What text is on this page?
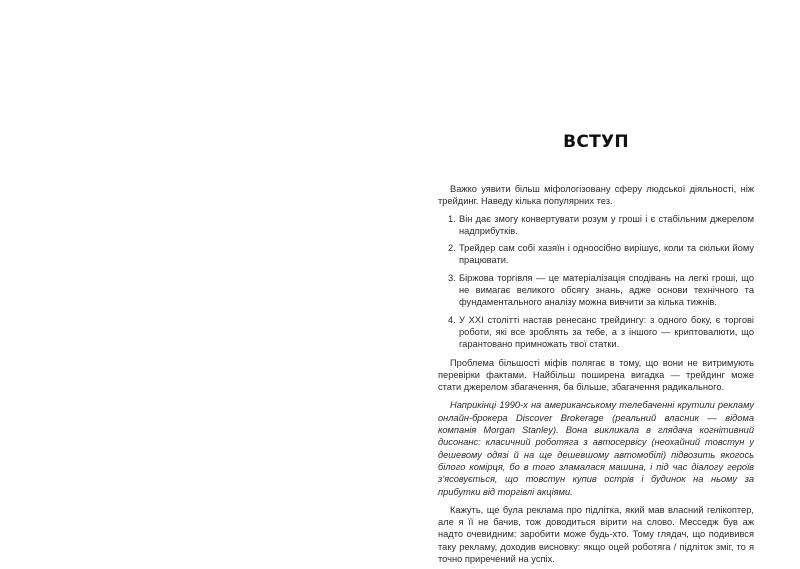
ВСТУП

Важко уявити більш міфологізовану сферу людської діяльності, ніж трейдинг. Наведу кілька популярних тез.

1. Він дає змогу конвертувати розум у гроші і є стабільним джерелом надприбутків.
2. Трейдер сам собі хазяїн і одноосібно вирішує, коли та скільки йому працювати.
3. Біржова торгівля — це матеріалізація сподівань на легкі гроші, що не вимагає великого обсягу знань, адже основи технічного та фундаментального аналізу можна вивчити за кілька тижнів.
4. У XXI столітті настав ренесанс трейдингу: з одного боку, є торгові роботи, які все зроблять за тебе, а з іншого — криптовалюти, що гарантовано примножать твої статки.

Проблема більшості міфів полягає в тому, що вони не витримують перевірки фактами. Найбільш поширена вигадка — трейдинг може стати джерелом збагачення, ба більше, збагачення радикального.

Наприкінці 1990-х на американському телебаченні крутили рекламу онлайн-брокера Discover Brokerage (реальний власник — відома компанія Morgan Stanley). Вона викликала в глядача когнітивний дисонанс: класичний роботяга з автосервісу (неохайний товстун у дешевому одязі й на ще дешевшому автомобілі) підвозить якогось білого комірця, бо в того зламалася машина, і під час діалогу героїв з'ясовується, що товстун купив острів і будинок на ньому за прибутки від торгівлі акціями.

Кажуть, ще була реклама про підлітка, який мав власний гелікоптер, але я її не бачив, тож доводиться вірити на слово. Месседж був аж надто очевидним: заробити може будь-хто. Тому глядач, що подивився таку рекламу, доходив висновку: якщо оцей роботяга / підліток зміг, то я точно приречений на успіх.
